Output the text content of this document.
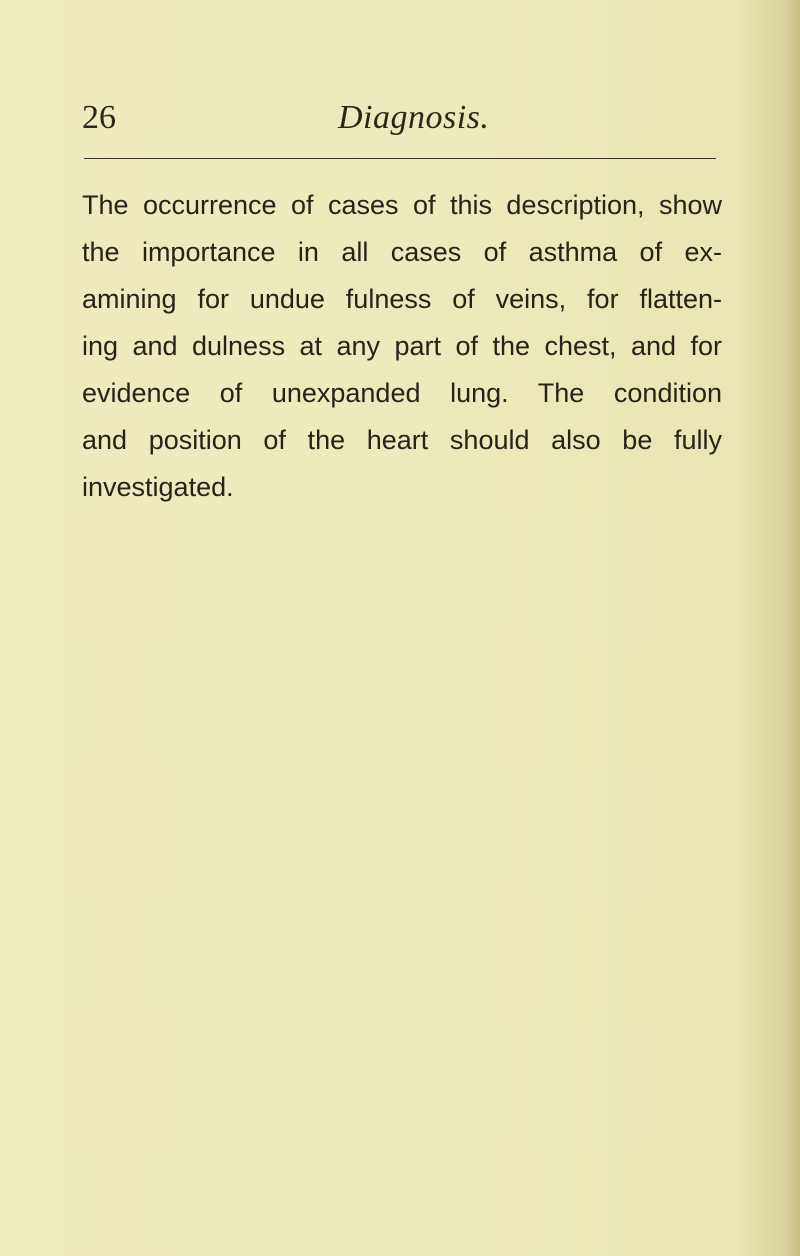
26	Diagnosis.

The occurrence of cases of this description, show
the importance in all cases of asthma of ex-
amining for undue fulness of veins, for flatten-
ing and dulness at any part of the chest, and for
evidence of unexpanded lung. The condition
and position of the heart should also be fully
investigated.
